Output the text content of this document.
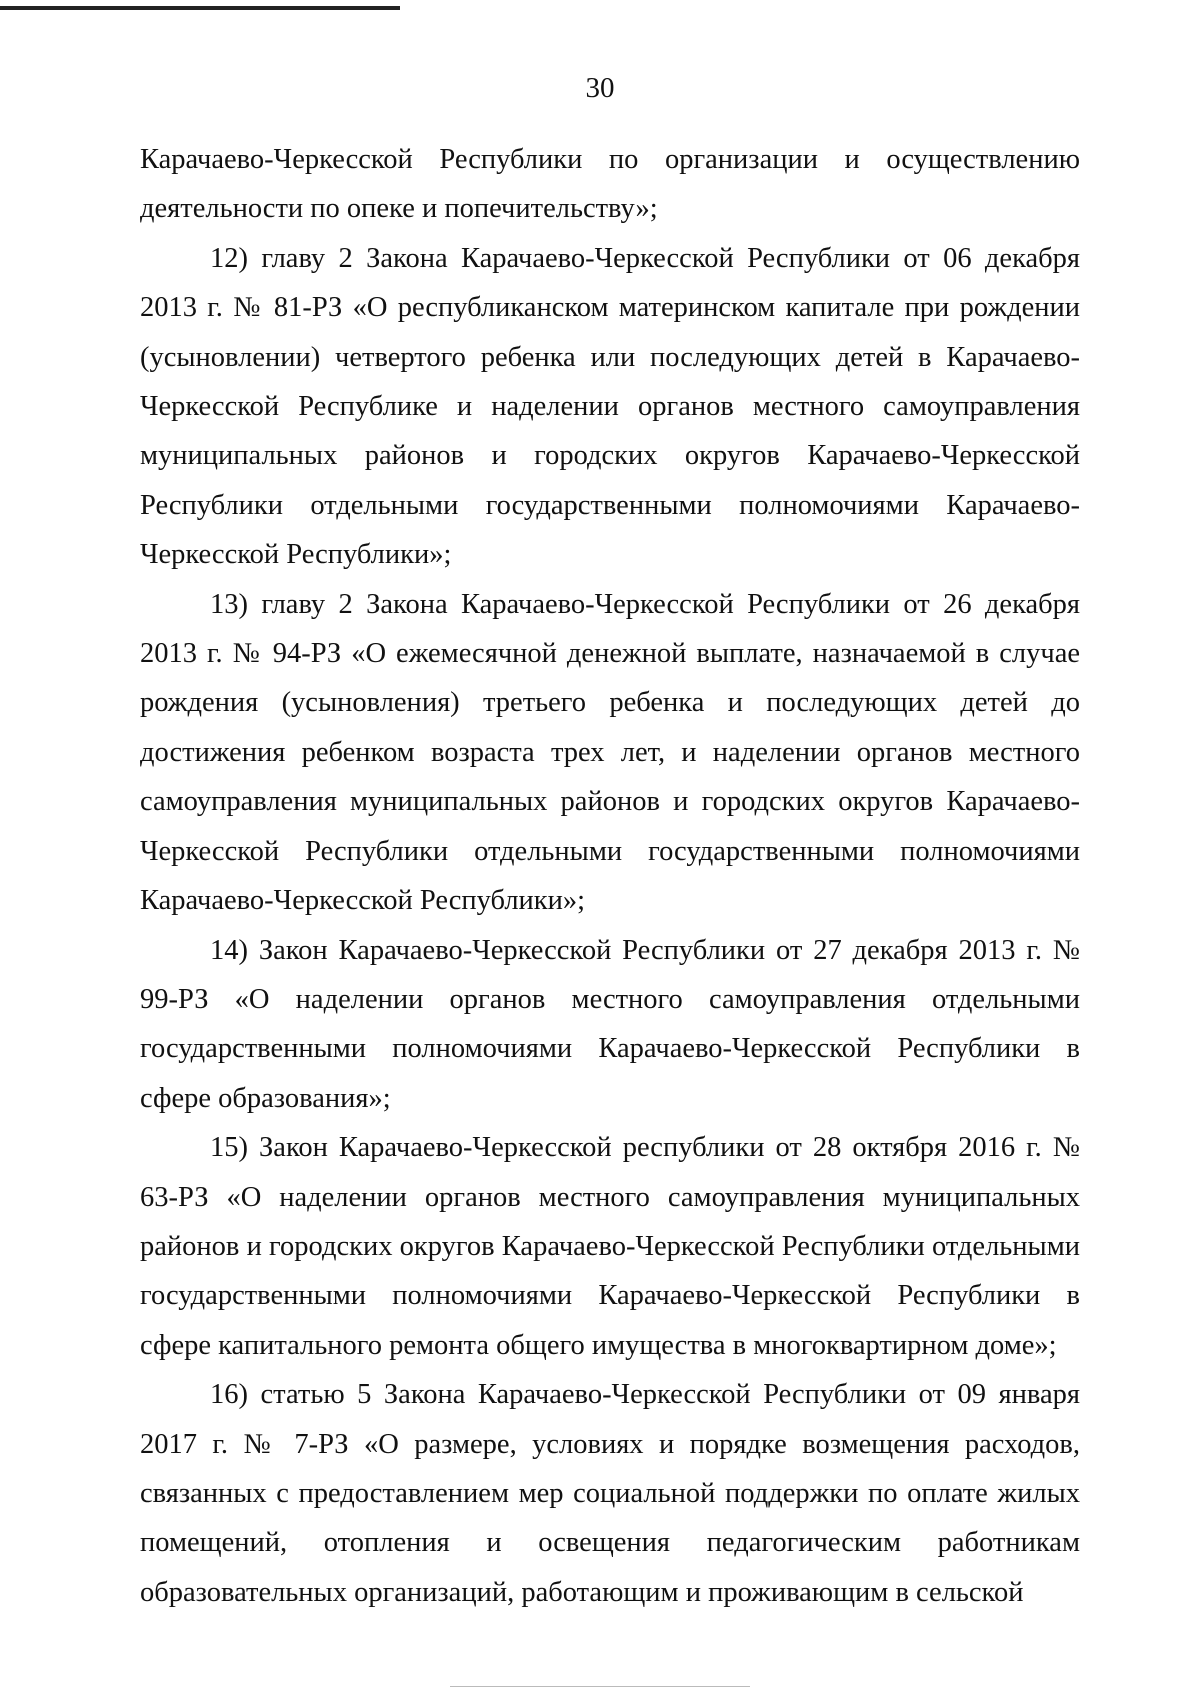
30

Карачаево-Черкесской Республики по организации и осуществлению деятельности по опеке и попечительству»;

12) главу 2 Закона Карачаево-Черкесской Республики от 06 декабря 2013 г. № 81-РЗ «О республиканском материнском капитале при рождении (усыновлении) четвертого ребенка или последующих детей в Карачаево-Черкесской Республике и наделении органов местного самоуправления муниципальных районов и городских округов Карачаево-Черкесской Республики отдельными государственными полномочиями Карачаево-Черкесской Республики»;

13) главу 2 Закона Карачаево-Черкесской Республики от 26 декабря 2013 г. № 94-РЗ «О ежемесячной денежной выплате, назначаемой в случае рождения (усыновления) третьего ребенка и последующих детей до достижения ребенком возраста трех лет, и наделении органов местного самоуправления муниципальных районов и городских округов Карачаево-Черкесской Республики отдельными государственными полномочиями Карачаево-Черкесской Республики»;

14) Закон Карачаево-Черкесской Республики от 27 декабря 2013 г. № 99-РЗ «О наделении органов местного самоуправления отдельными государственными полномочиями Карачаево-Черкесской Республики в сфере образования»;

15) Закон Карачаево-Черкесской республики от 28 октября 2016 г. № 63-РЗ «О наделении органов местного самоуправления муниципальных районов и городских округов Карачаево-Черкесской Республики отдельными государственными полномочиями Карачаево-Черкесской Республики в сфере капитального ремонта общего имущества в многоквартирном доме»;

16) статью 5 Закона Карачаево-Черкесской Республики от 09 января 2017 г. № 7-РЗ «О размере, условиях и порядке возмещения расходов, связанных с предоставлением мер социальной поддержки по оплате жилых помещений, отопления и освещения педагогическим работникам образовательных организаций, работающим и проживающим в сельской
